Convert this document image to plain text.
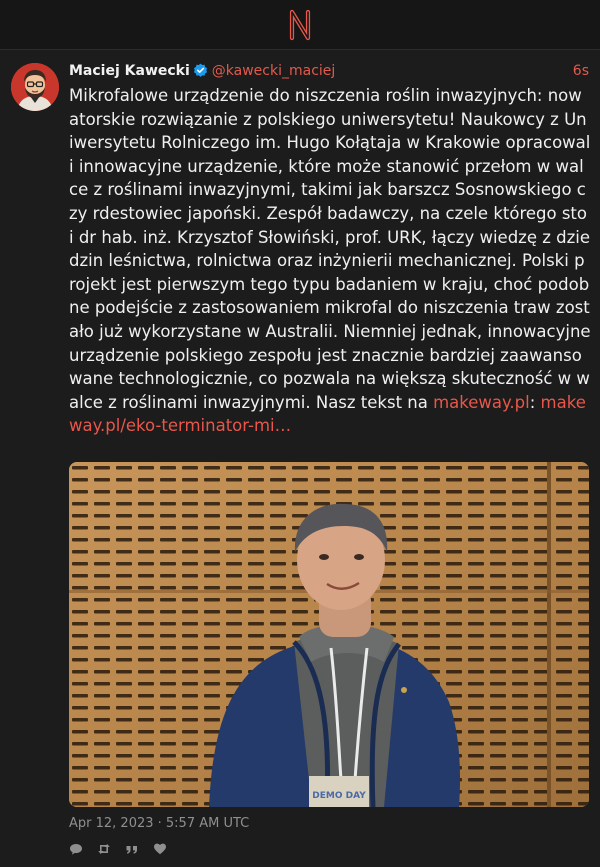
Maciej Kawecki @kawecki_maciej	6s
Mikrofalowe urządzenie do niszczenia roślin inwazyjnych: nowatorskie rozwiązanie z polskiego uniwersytetu! Naukowcy z Uniwersytetu Rolniczego im. Hugo Kołątaja w Krakowie opracowali innowacyjne urządzenie, które może stanowić przełom w walce z roślinami inwazyjnymi, takimi jak barszcz Sosnowskiego czy rdestowiec japoński. Zespół badawczy, na czele którego stoi dr hab. inż. Krzysztof Słowiński, prof. URK, łączy wiedzę z dziedzin leśnictwa, rolnictwa oraz inżynierii mechanicznej. Polski projekt jest pierwszym tego typu badaniem w kraju, choć podobne podejście z zastosowaniem mikrofal do niszczenia traw zostało już wykorzystane w Australii. Niemniej jednak, innowacyjne urządzenie polskiego zespołu jest znacznie bardziej zaawansowane technologicznie, co pozwala na większą skuteczność w walce z roślinami inwazyjnymi. Nasz tekst na makeway.pl: makeway.pl/eko-terminator-mi…
DEMO DAY
Apr 12, 2023 · 5:57 AM UTC
